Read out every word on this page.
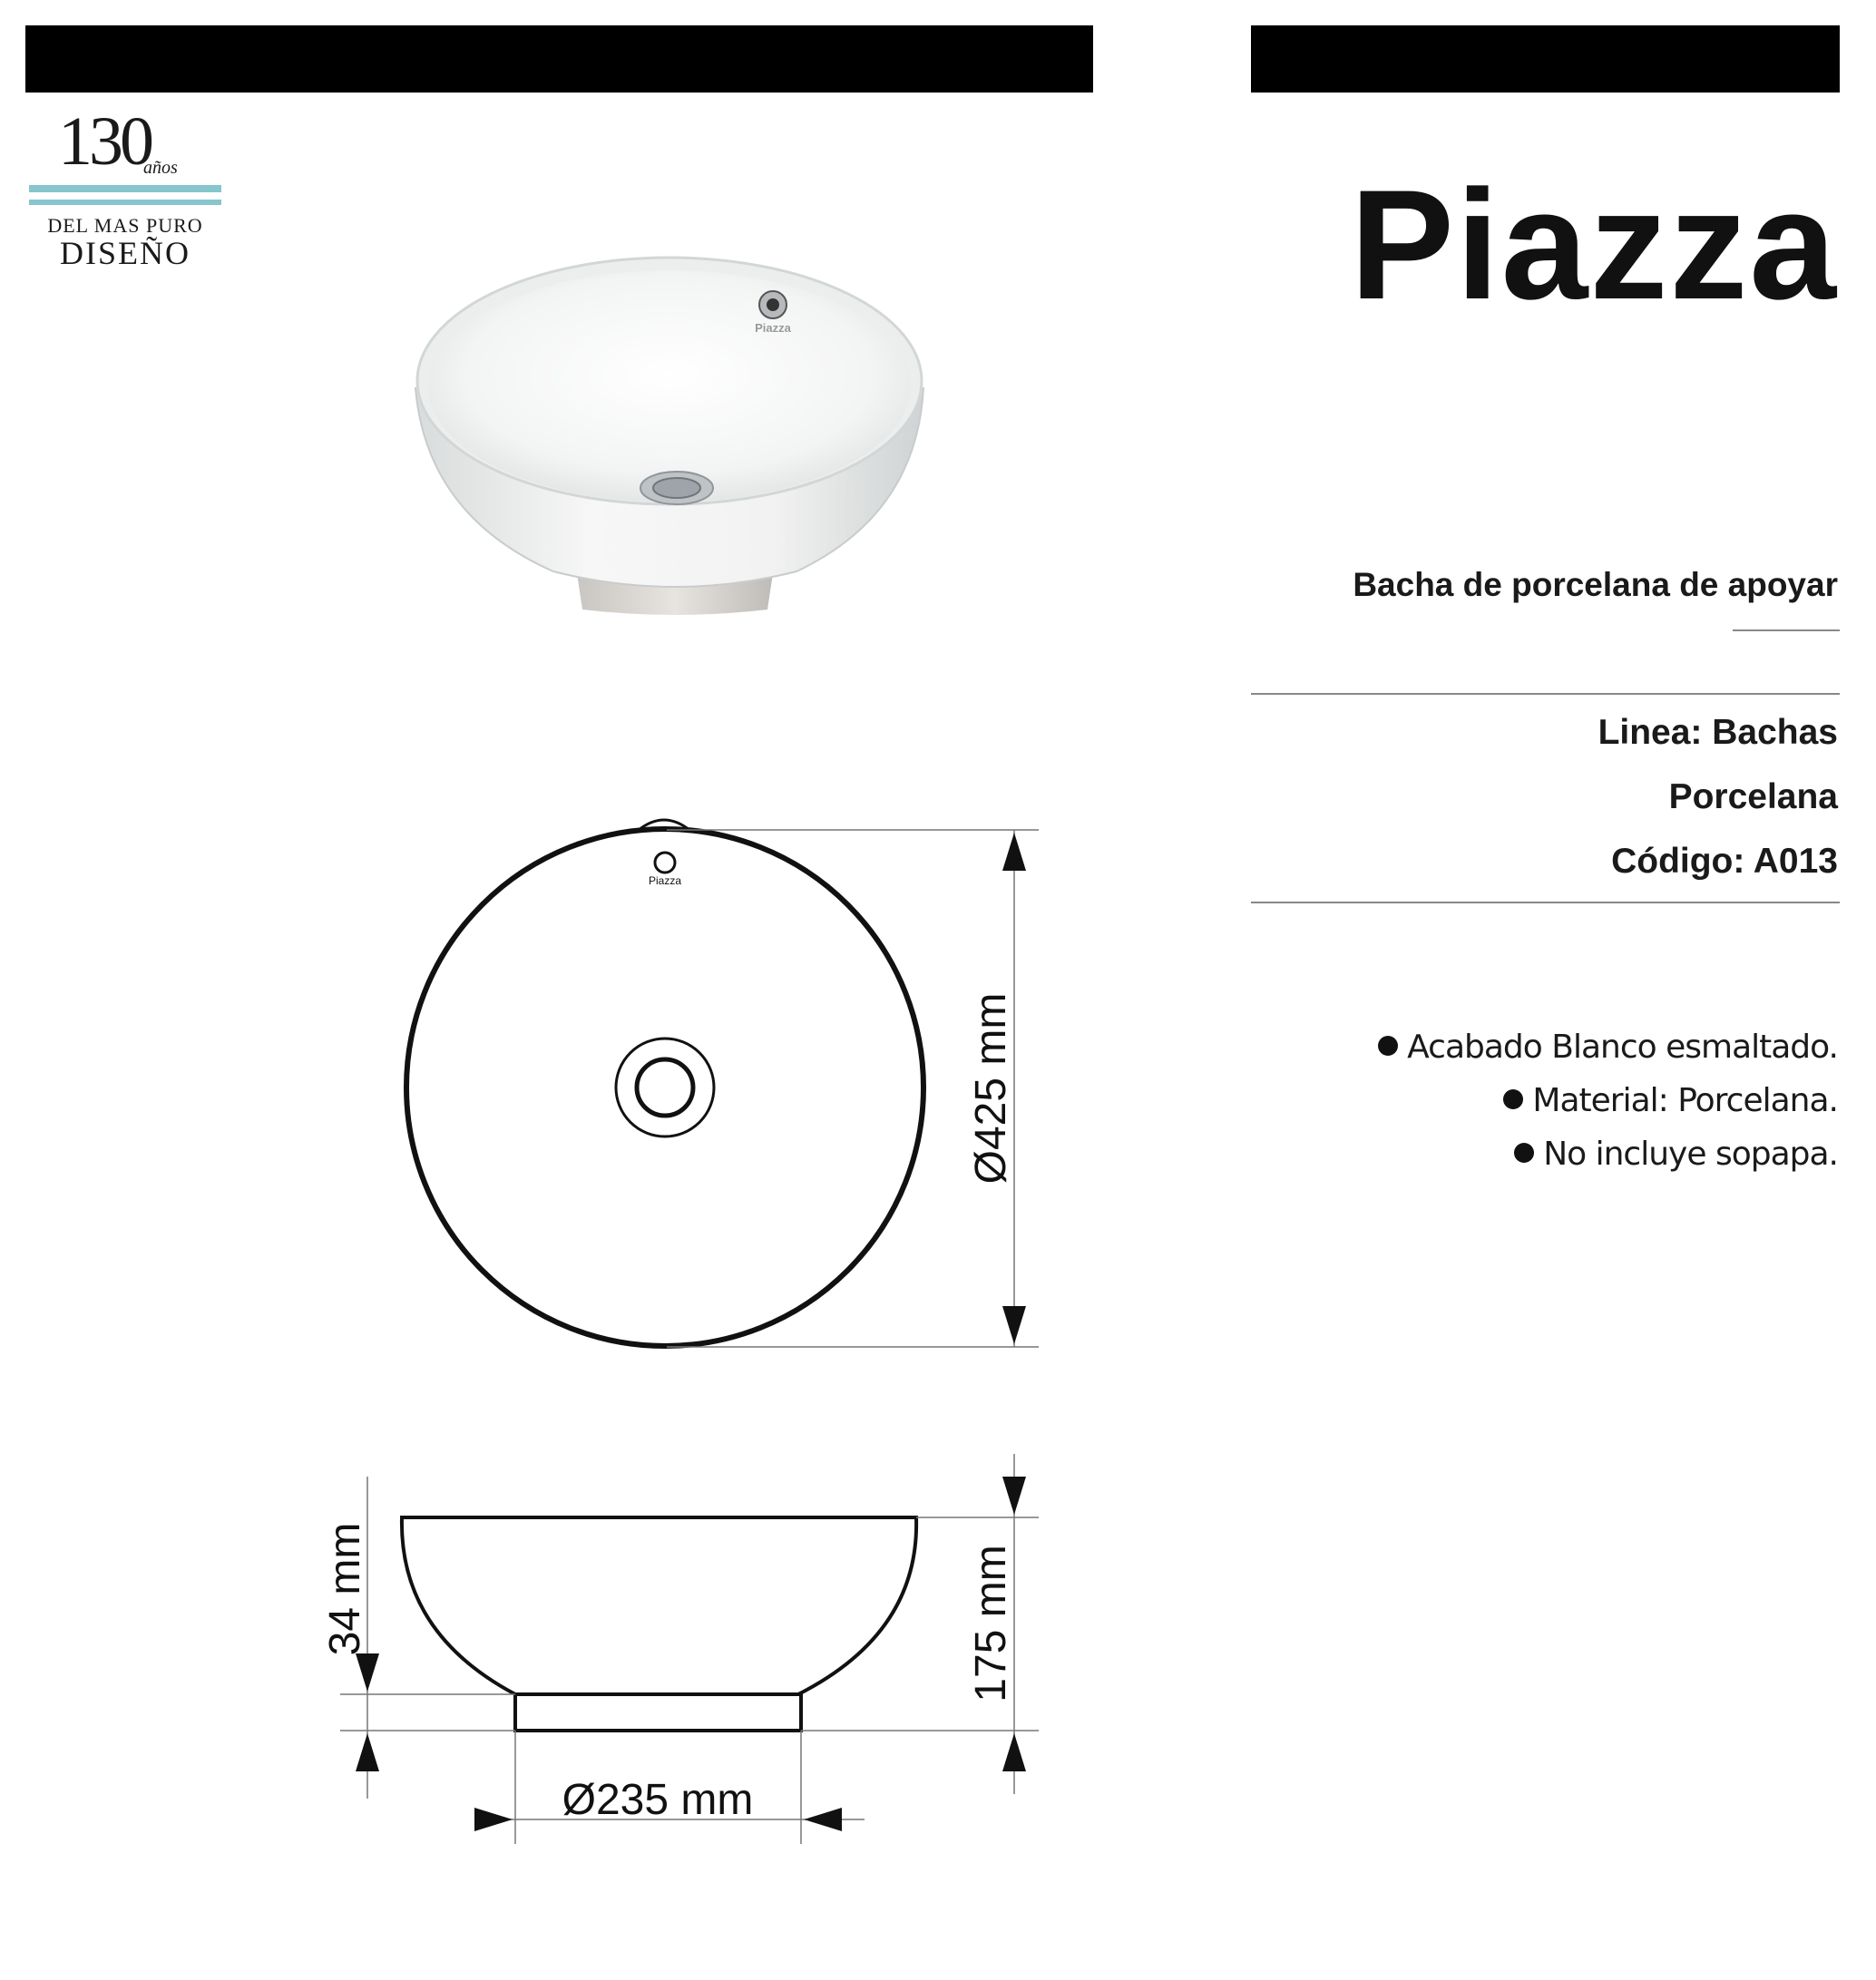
130
años
DEL MAS PURO
DISEÑO	Piazza
Bacha de porcelana de apoyar
Linea: Bachas
Porcelana
Código: A013
Acabado Blanco esmaltado.
Material: Porcelana.
No incluye sopapa.
Piazza
Piazza
Ø425 mm
175 mm
34 mm
Ø235 mm
